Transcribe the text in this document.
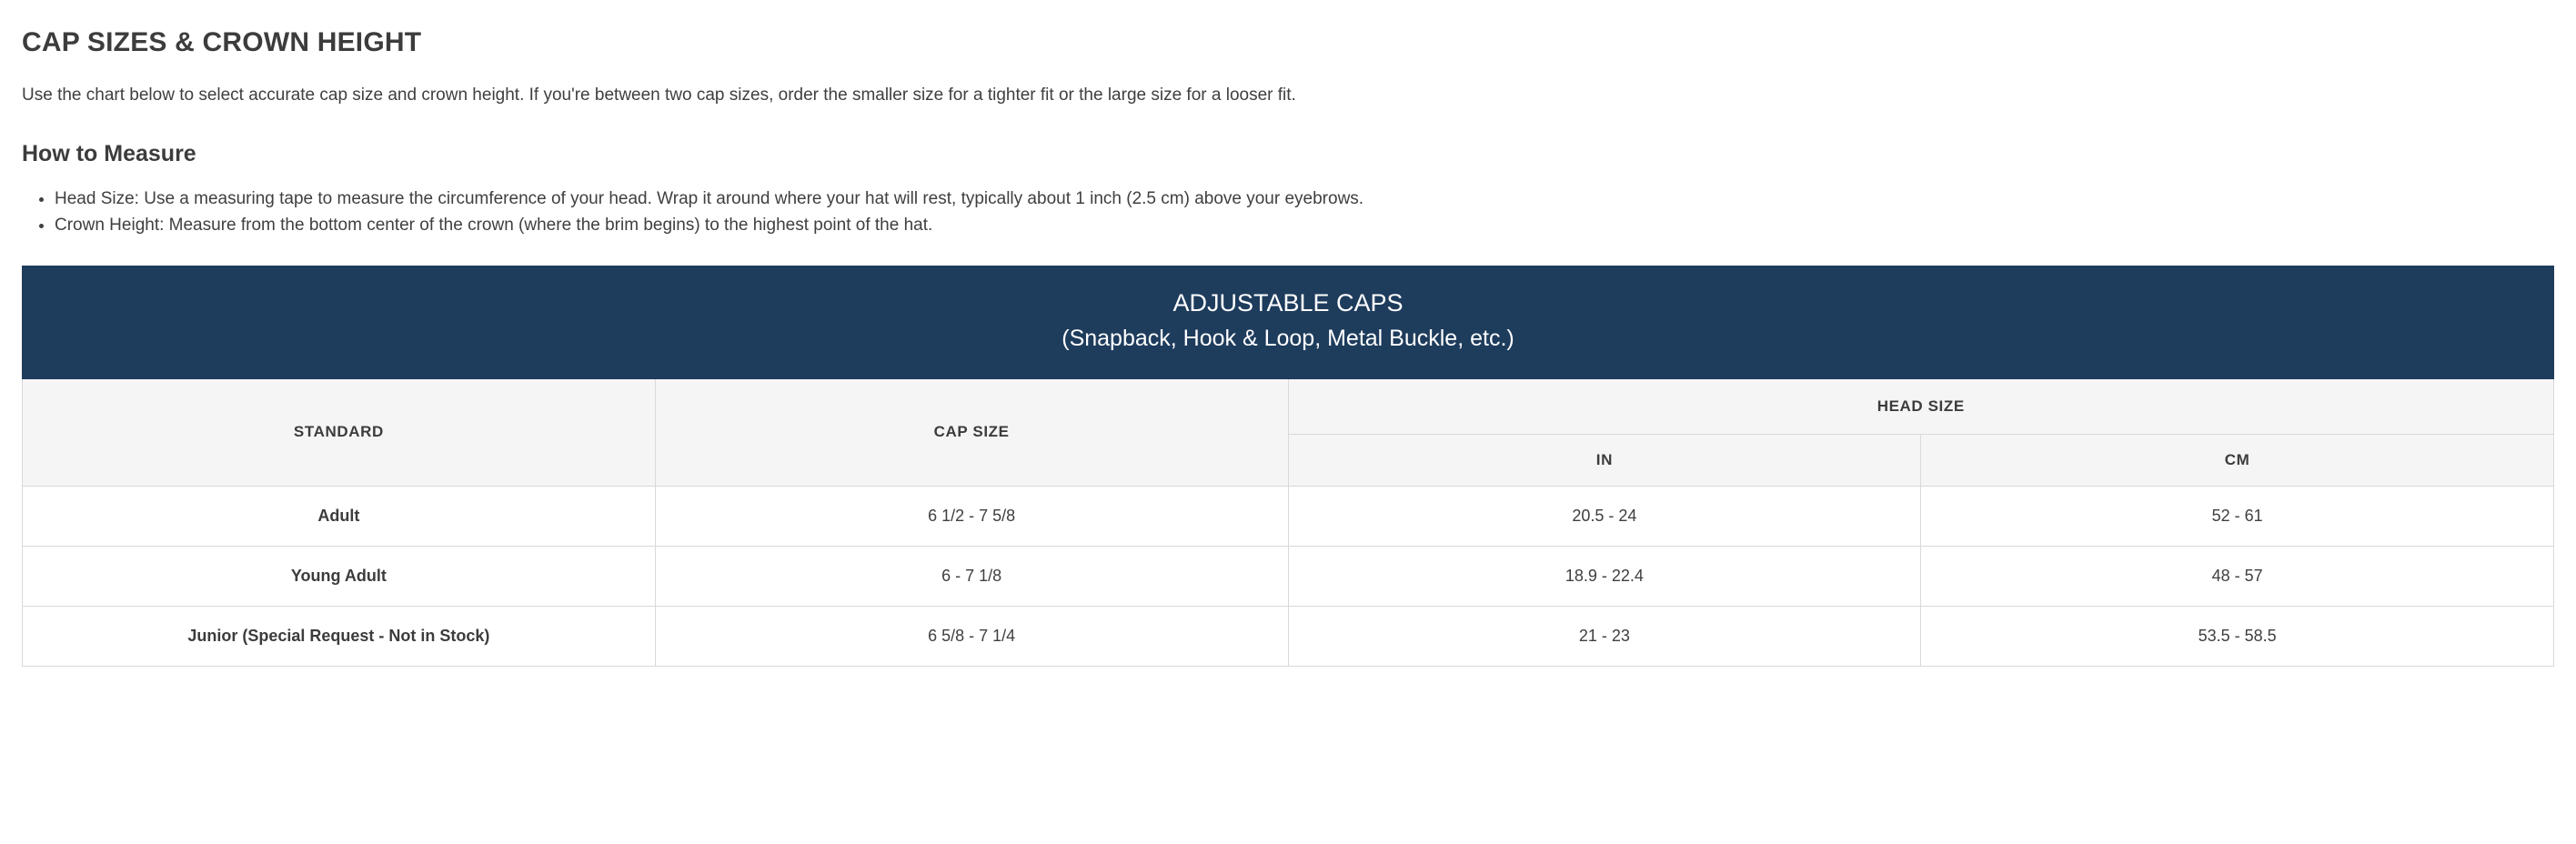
CAP SIZES & CROWN HEIGHT

Use the chart below to select accurate cap size and crown height. If you're between two cap sizes, order the smaller size for a tighter fit or the large size for a looser fit.

How to Measure
• Head Size: Use a measuring tape to measure the circumference of your head. Wrap it around where your hat will rest, typically about 1 inch (2.5 cm) above your eyebrows.
• Crown Height: Measure from the bottom center of the crown (where the brim begins) to the highest point of the hat.
ADJUSTABLE CAPS
(Snapback, Hook & Loop, Metal Buckle, etc.)			

STANDARD	CAP SIZE	HEAD SIZE	
		IN	CM
Adult	6 1/2 - 7 5/8	20.5 - 24	52 - 61
Young Adult	6 - 7 1/8	18.9 - 22.4	48 - 57
Junior (Special Request - Not in Stock)	6 5/8 - 7 1/4	21 - 23	53.5 - 58.5
